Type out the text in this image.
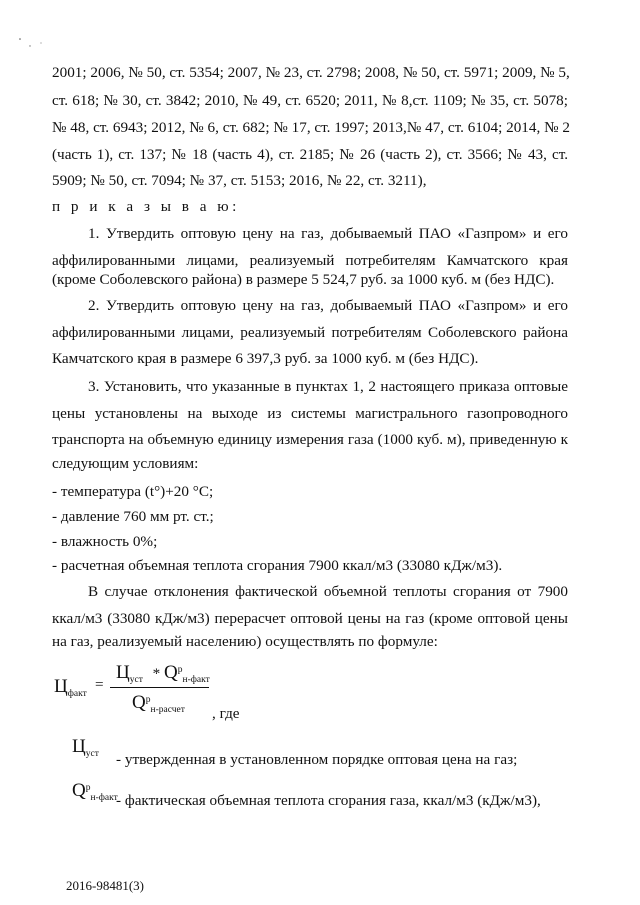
2001; 2006, № 50, ст. 5354; 2007, № 23, ст. 2798; 2008, № 50, ст. 5971; 2009, № 5,
ст. 618; № 30, ст. 3842; 2010, № 49, ст. 6520; 2011, № 8,ст. 1109; № 35, ст. 5078;
№ 48, ст. 6943; 2012, № 6, ст. 682; № 17, ст. 1997; 2013,№ 47, ст. 6104; 2014, № 2
(часть 1), ст. 137; № 18 (часть 4), ст. 2185; № 26 (часть 2), ст. 3566; № 43, ст.
5909; № 50, ст. 7094; № 37, ст. 5153; 2016, № 22, ст. 3211),
п р и к а з ы в а ю:
1. Утвердить оптовую цену на газ, добываемый ПАО «Газпром» и его
аффилированными лицами, реализуемый потребителям Камчатского края
(кроме Соболевского района) в размере 5 524,7 руб. за 1000 куб. м (без НДС).
2. Утвердить оптовую цену на газ, добываемый ПАО «Газпром» и его
аффилированными лицами, реализуемый потребителям Соболевского района
Камчатского края в размере 6 397,3 руб. за 1000 куб. м (без НДС).
3. Установить, что указанные в пунктах 1, 2 настоящего приказа оптовые
цены установлены на выходе из системы магистрального газопроводного
транспорта на объемную единицу измерения газа (1000 куб. м), приведенную к
следующим условиям:
- температура (t°)+20 °С;
- давление 760 мм рт. ст.;
- влажность 0%;
- расчетная объемная теплота сгорания 7900 ккал/м3 (33080 кДж/м3).
В случае отклонения фактической объемной теплоты сгорания от 7900
ккал/м3 (33080 кДж/м3) перерасчет оптовой цены на газ (кроме оптовой цены
на газ, реализуемый населению) осуществлять по формуле:
$Ц_{факт}$
=
$Ц_{уст} * Q^р_{н-факт}$
$Q^р_{н-расчет}$ , где
$Ц_{уст}$ - утвержденная в установленном порядке оптовая цена на газ;
$Q^р_{н-факт}$
- фактическая объемная теплота сгорания газа, ккал/м3 (кДж/м3),
2016-98481(3)
